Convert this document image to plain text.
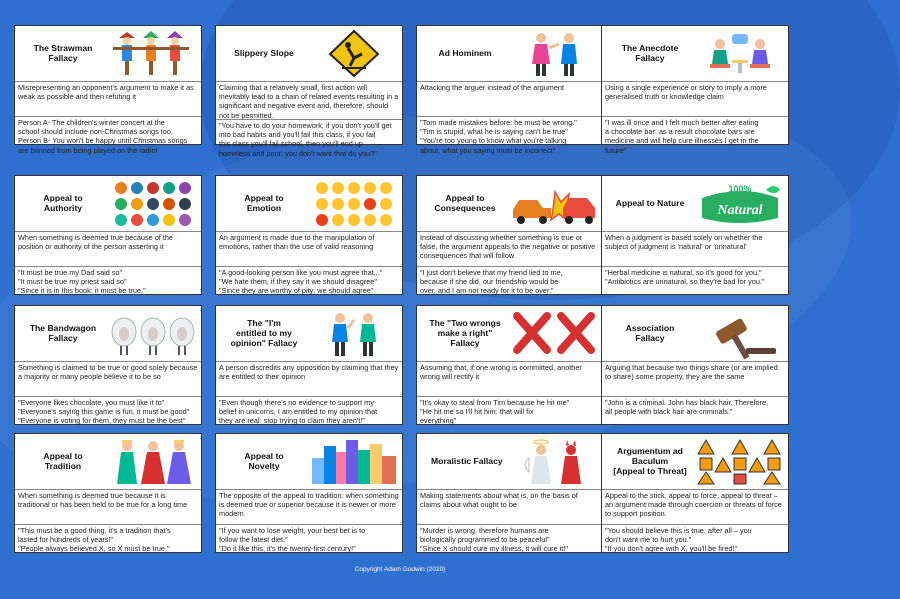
The Strawman
Fallacy
Misrepresenting an opponent's argument to make it as weak as possible and then refuting it
Person A- The children's winter concert at the
school should include non-Christmas songs too.
Person B- You won't be happy until Christmas songs
are banned from being played on the radio!
Slippery Slope
Claiming that a relatively small, first action will inevitably lead to a chain of related events resulting in a significant and negative event and, therefore, should not be permitted.
"You have to do your homework, if you don't you'll get
into bad habits and you'll fail this class, if you fail
this class you'll fail school, then you'll end up
homeless and poor: you don't want that do you?"
Ad Hominem
Attacking the arguer instead of the argument
"Tom made mistakes before: he must be wrong."
"Tim is stupid, what he is saying can't be true"
"You're too young to know what you're talking
about, what you saying must be incorrect"
The Anecdote
Fallacy
Using a single experience or story to imply a more generalised truth or knowledge claim
"I was ill once and I felt much better after eating
a chocolate bar: as a result chocolate bars are
medicine and will help cure illnesses I get in the
future"
Appeal to
Authority
When something is deemed true because of the position or authority of the person asserting it
"It must be true my Dad said so"
"It must be true my priest said so"
"Since it is in this book: it must be true."
Appeal to
Emotion
An argument is made due to the manipulation of emotions, rather than the use of valid reasoning
"A good-looking person like you must agree that..."
"We hate them, if they say it we should disagree"
"Since they are worthy of pity: we should agree"
Appeal to
Consequences
Instead of discussing whether something is true or false, the argument appeals to the negative or positive consequences that will follow
"I just don't believe that my friend lied to me,
because if she did, our friendship would be
over, and I am not ready for it to be over."
Appeal to Nature
100%
Natural
When a judgment is based solely on whether the subject of judgment is 'natural' or 'unnatural'
"Herbal medicine is natural, so it's good for you."
"Antibiotics are unnatural, so they're bad for you."
The Bandwagon
Fallacy
Something is claimed to be true or good solely because a majority or many people believe it to be so
"Everyone likes chocolate, you must like it to"
"Everyone's saying this game is fun, it must be good"
"Everyone is voting for them, they must be the best"
The "I'm
entitled to my
opinion" Fallacy
A person discredits any opposition by claiming that they are entitled to their opinion
"Even though there's no evidence to support my
belief in unicorns, I am entitled to my opinion that
they are real: stop trying to claim they aren't!"
The "Two wrongs
make a right"
Fallacy
Assuming that, if one wrong is committed, another wrong will rectify it
"It's okay to steal from Tim because he hit me"
"He hit me so I'll hit him: that will fix
everything"
Association
Fallacy
Arguing that because two things share (or are implied to share) some property, they are the same
"John is a criminal. John has black hair. Therefore,
all people with black hair are criminals."
Appeal to
Tradition
When something is deemed true because it is traditional or has been held to be true for a long time
"This must be a good thing, it's a tradition that's
lasted for hundreds of years!"
"People always believed X, so X must be true."
Appeal to
Novelty
The opposite of the appeal to tradition: when something is deemed true or superior because it is newer or more modern
"If you want to lose weight, your best bet is to
follow the latest diet."
"Do it like this, it's the twenty-first century!"
Moralistic Fallacy
Making statements about what is, on the basis of claims about what ought to be
"Murder is wrong, therefore humans are
biologically programmed to be peaceful"
"Since X should cure my illness, it will cure it!"
Argumentum ad
Baculum
[Appeal to Threat]
Appeal to the stick, appeal to force, appeal to threat – an argument made through coercion or threats of force to support position.
"You should believe this is true, after all – you
don't want me to hurt you."
"If you don't agree with X, you'll be fired!"
Copyright Adam Godwin (2020)
